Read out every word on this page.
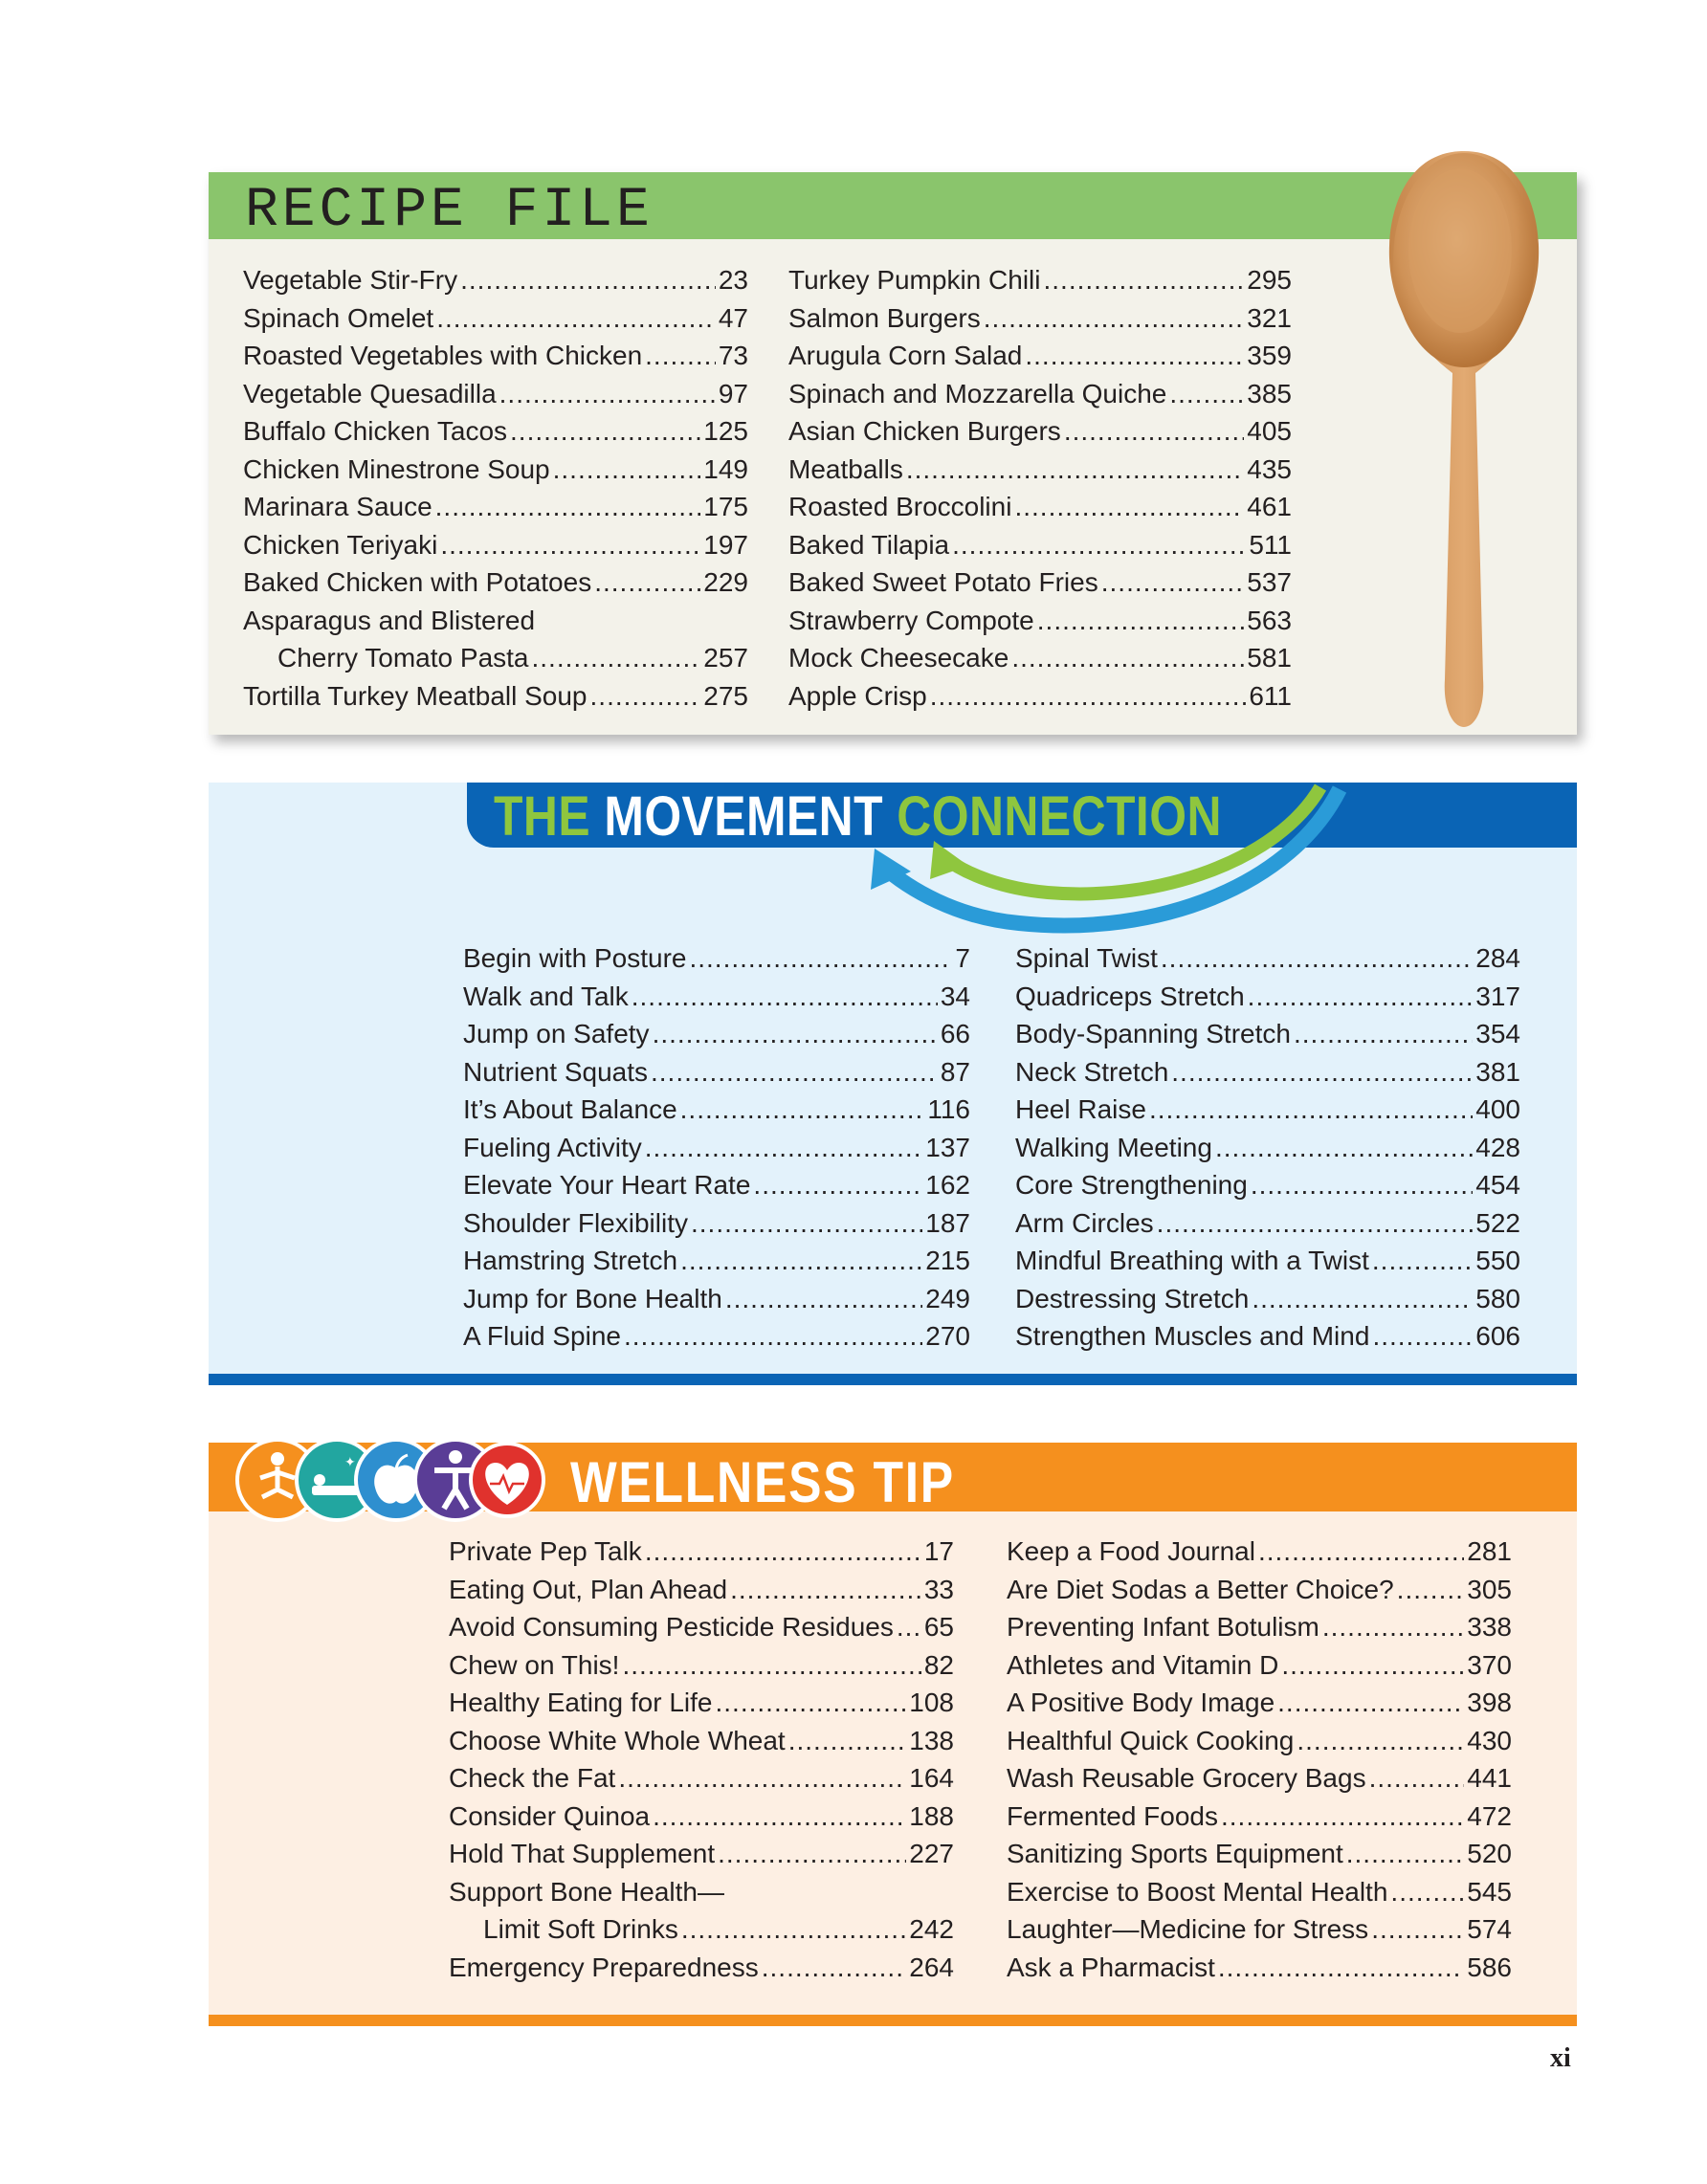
RECIPE FILE
Vegetable Stir-Fry .....	23
Spinach Omelet .....	47
Roasted Vegetables with Chicken .....	73
Vegetable Quesadilla .....	97
Buffalo Chicken Tacos .....	125
Chicken Minestrone Soup .....	149
Marinara Sauce .....	175
Chicken Teriyaki .....	197
Baked Chicken with Potatoes .....	229
Asparagus and Blistered
Cherry Tomato Pasta .....	257
Tortilla Turkey Meatball Soup .....	275
Turkey Pumpkin Chili .....	295
Salmon Burgers .....	321
Arugula Corn Salad .....	359
Spinach and Mozzarella Quiche .....	385
Asian Chicken Burgers .....	405
Meatballs .....	435
Roasted Broccolini .....	461
Baked Tilapia .....	511
Baked Sweet Potato Fries .....	537
Strawberry Compote .....	563
Mock Cheesecake .....	581
Apple Crisp .....	611
THE MOVEMENT CONNECTION
Begin with Posture .....	7
Walk and Talk .....	34
Jump on Safety .....	66
Nutrient Squats .....	87
It’s About Balance .....	116
Fueling Activity .....	137
Elevate Your Heart Rate .....	162
Shoulder Flexibility .....	187
Hamstring Stretch .....	215
Jump for Bone Health .....	249
A Fluid Spine .....	270
Spinal Twist .....	284
Quadriceps Stretch .....	317
Body-Spanning Stretch .....	354
Neck Stretch .....	381
Heel Raise .....	400
Walking Meeting .....	428
Core Strengthening .....	454
Arm Circles .....	522
Mindful Breathing with a Twist .....	550
Destressing Stretch .....	580
Strengthen Muscles and Mind .....	606
WELLNESS TIP
✦
Private Pep Talk .....	17
Eating Out, Plan Ahead .....	33
Avoid Consuming Pesticide Residues ..... 65
Chew on This! .....	82
Healthy Eating for Life .....	108
Choose White Whole Wheat .....	138
Check the Fat .....	164
Consider Quinoa .....	188
Hold That Supplement .....	227
Support Bone Health—
Limit Soft Drinks .....	242
Emergency Preparedness .....	264
Keep a Food Journal .....	281
Are Diet Sodas a Better Choice? .....	305
Preventing Infant Botulism .....	338
Athletes and Vitamin D .....	370
A Positive Body Image .....	398
Healthful Quick Cooking .....	430
Wash Reusable Grocery Bags .....	441
Fermented Foods .....	472
Sanitizing Sports Equipment .....	520
Exercise to Boost Mental Health .....	545
Laughter—Medicine for Stress .....	574
Ask a Pharmacist .....	586
xi
